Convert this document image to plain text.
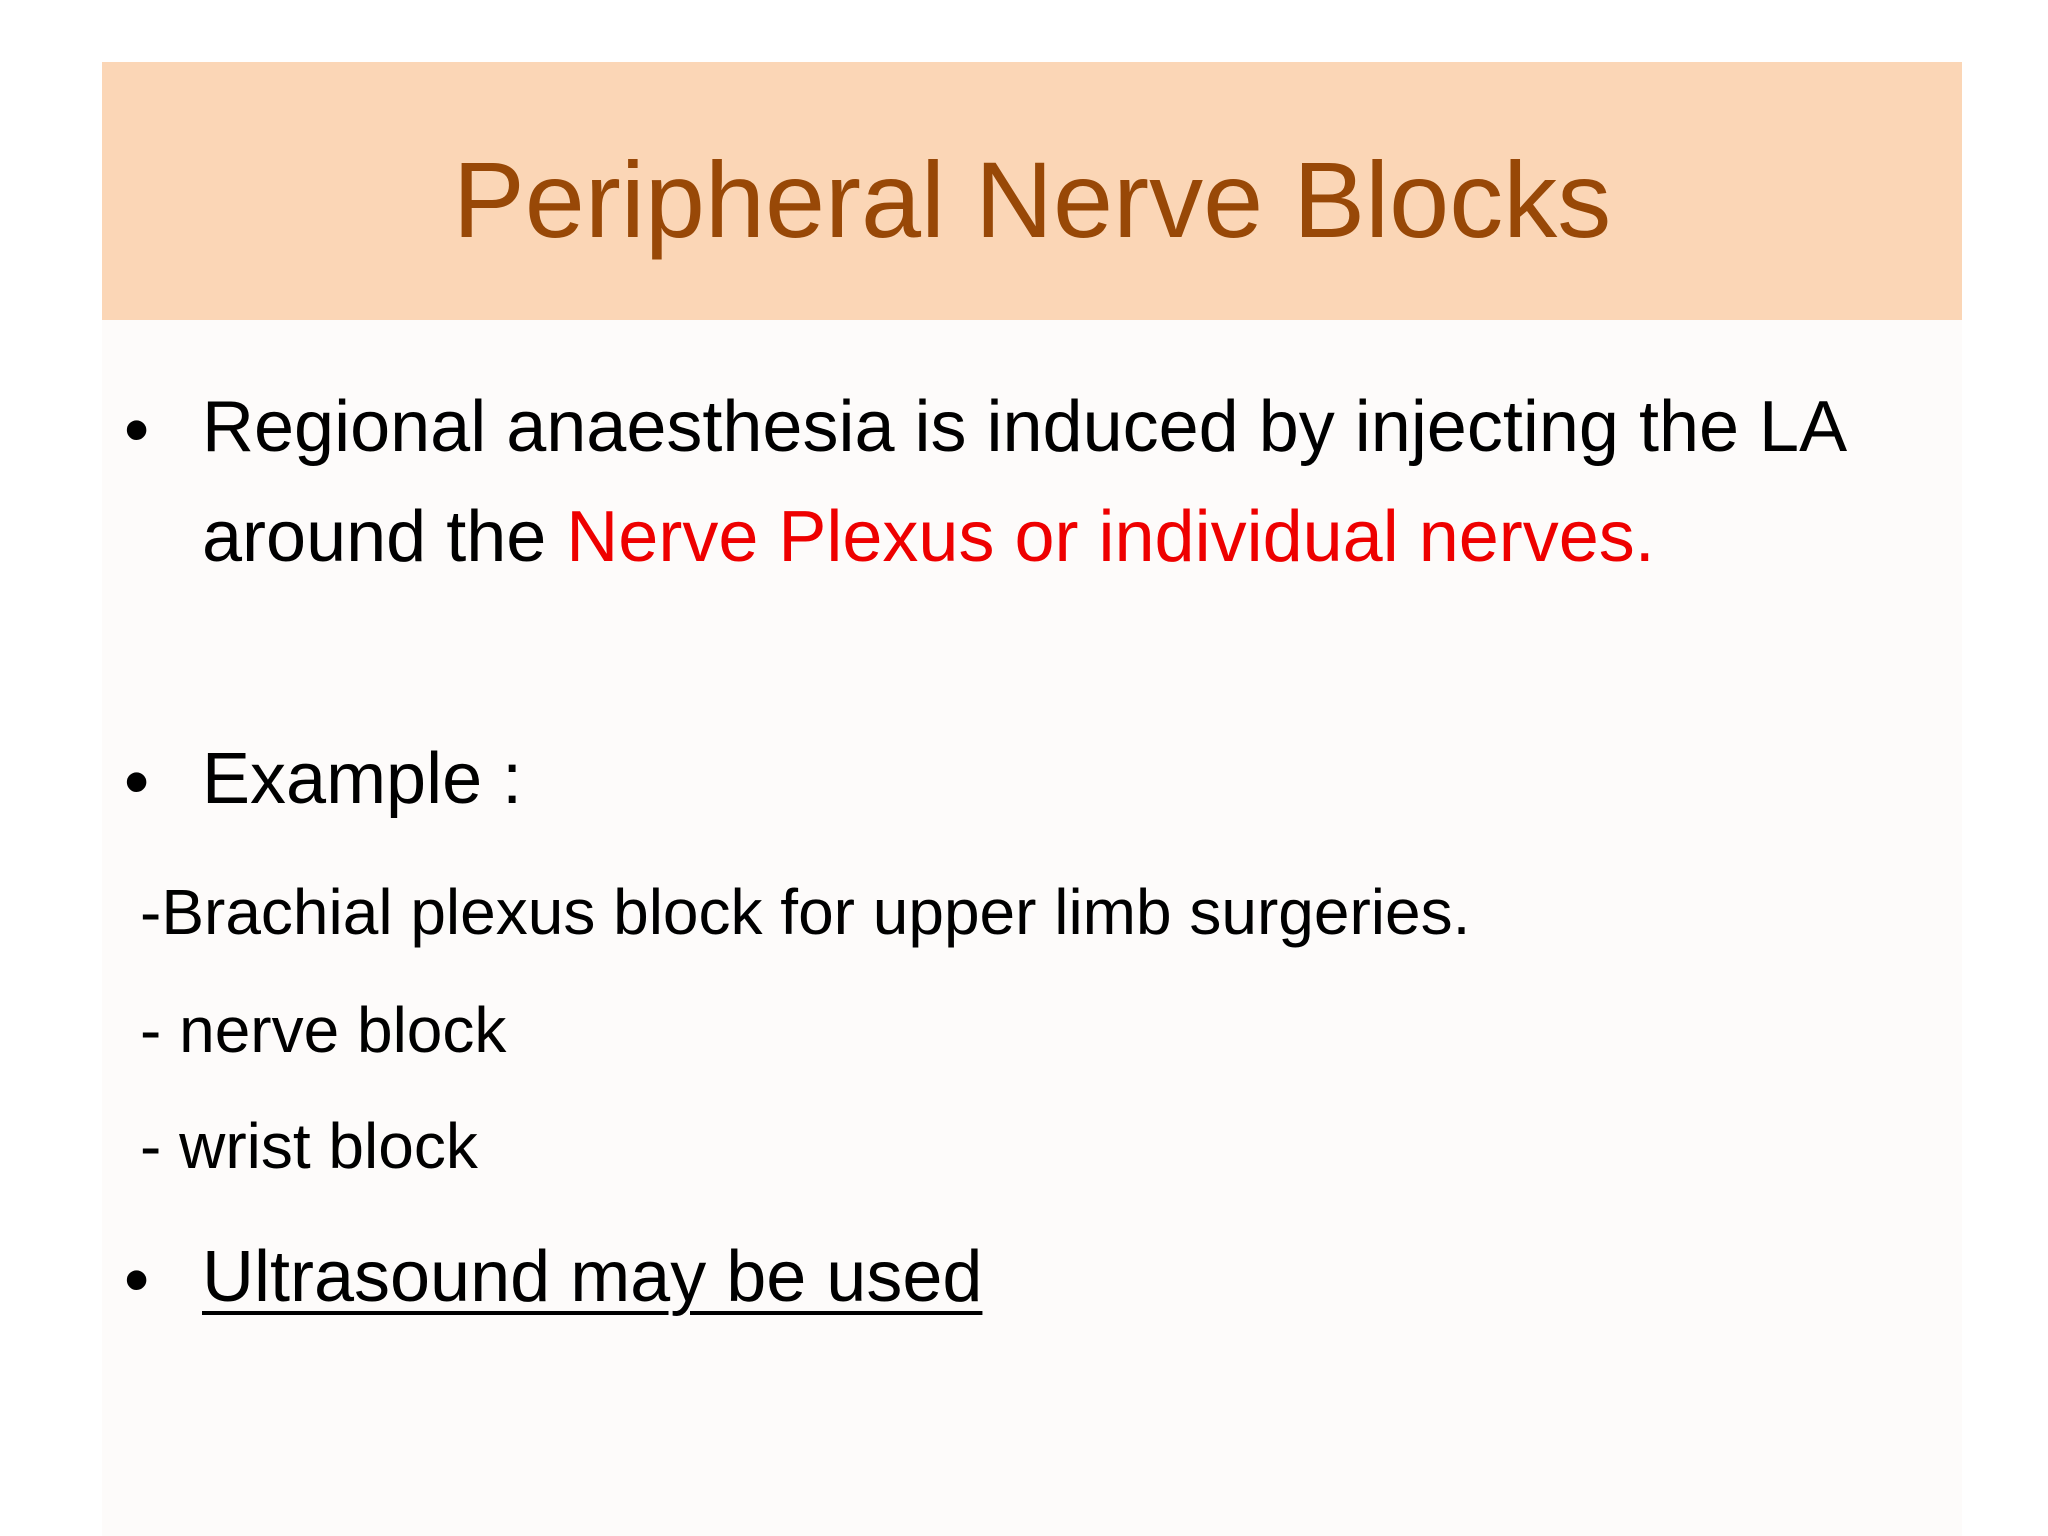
Peripheral Nerve Blocks
• Regional anaesthesia is induced by injecting the LA around the Nerve Plexus or individual nerves.
• Example :
-Brachial plexus block for upper limb surgeries.
- nerve block
- wrist block
• Ultrasound may be used
